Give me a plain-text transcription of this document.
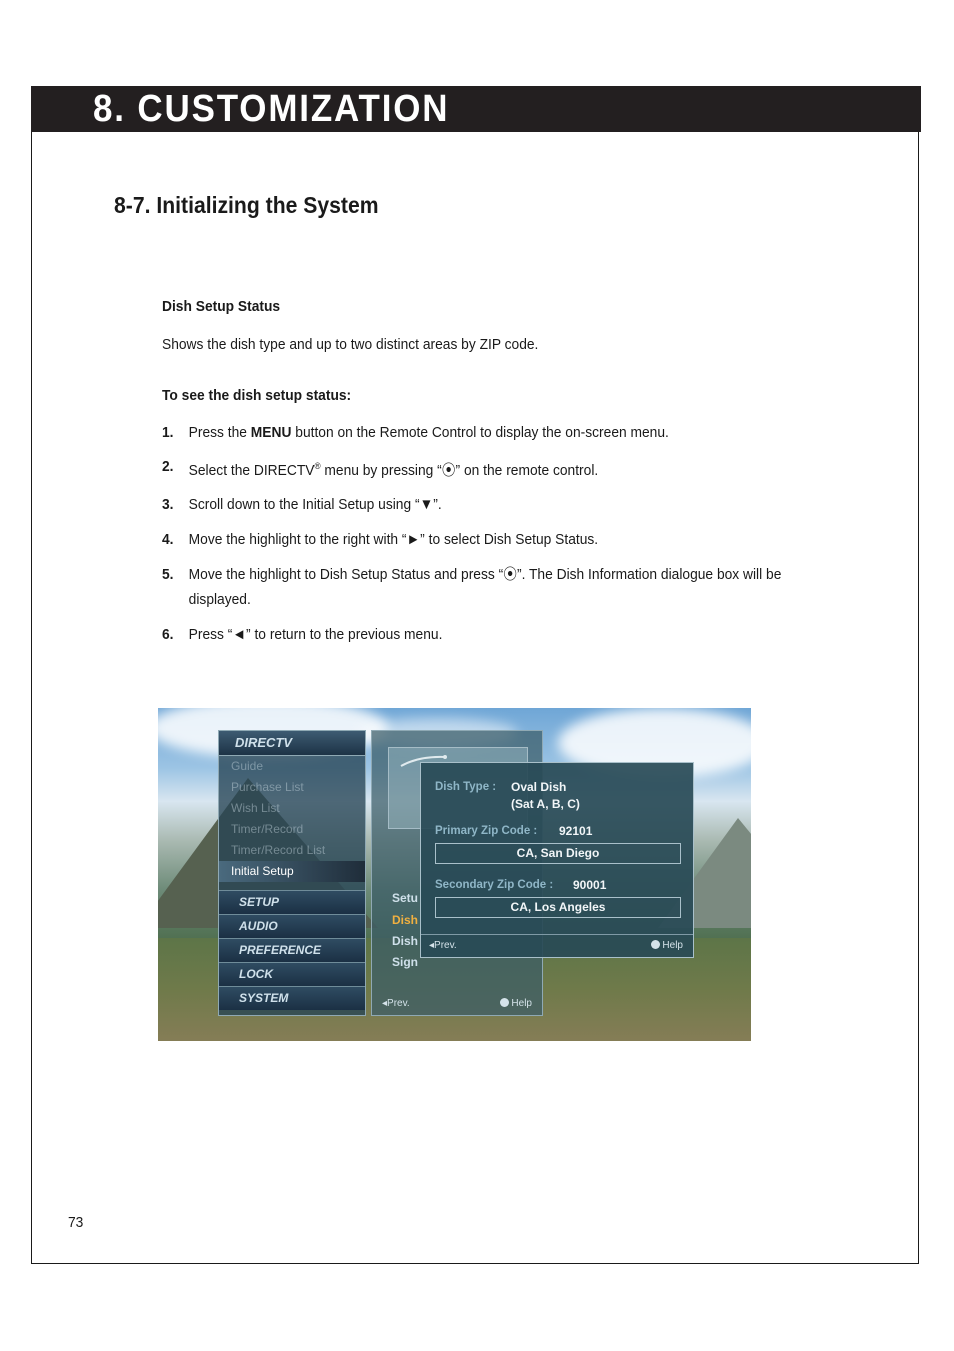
8. CUSTOMIZATION
8-7. Initializing the System
Dish Setup Status
Shows the dish type and up to two distinct areas by ZIP code.
To see the dish setup status:
1. Press the MENU button on the Remote Control to display the on-screen menu.
2. Select the DIRECTV® menu by pressing “⦿” on the remote control.
3. Scroll down to the Initial Setup using “▼”.
4. Move the highlight to the right with “►” to select Dish Setup Status.
5. Move the highlight to Dish Setup Status and press “⦿”. The Dish Information dialogue box will be displayed.
6. Press “◄” to return to the previous menu.
DIRECTV
Guide
Purchase List
Wish List
Timer/Record
Timer/Record List
Initial Setup
SETUP
AUDIO
PREFERENCE
LOCK
SYSTEM
Setu
Dish
Dish
Sign
◂Prev.	Help
Dish Type : Oval Dish
(Sat A, B, C)
Primary Zip Code : 92101
CA, San Diego
Secondary Zip Code : 90001
CA, Los Angeles
◂Prev.	Help
73
